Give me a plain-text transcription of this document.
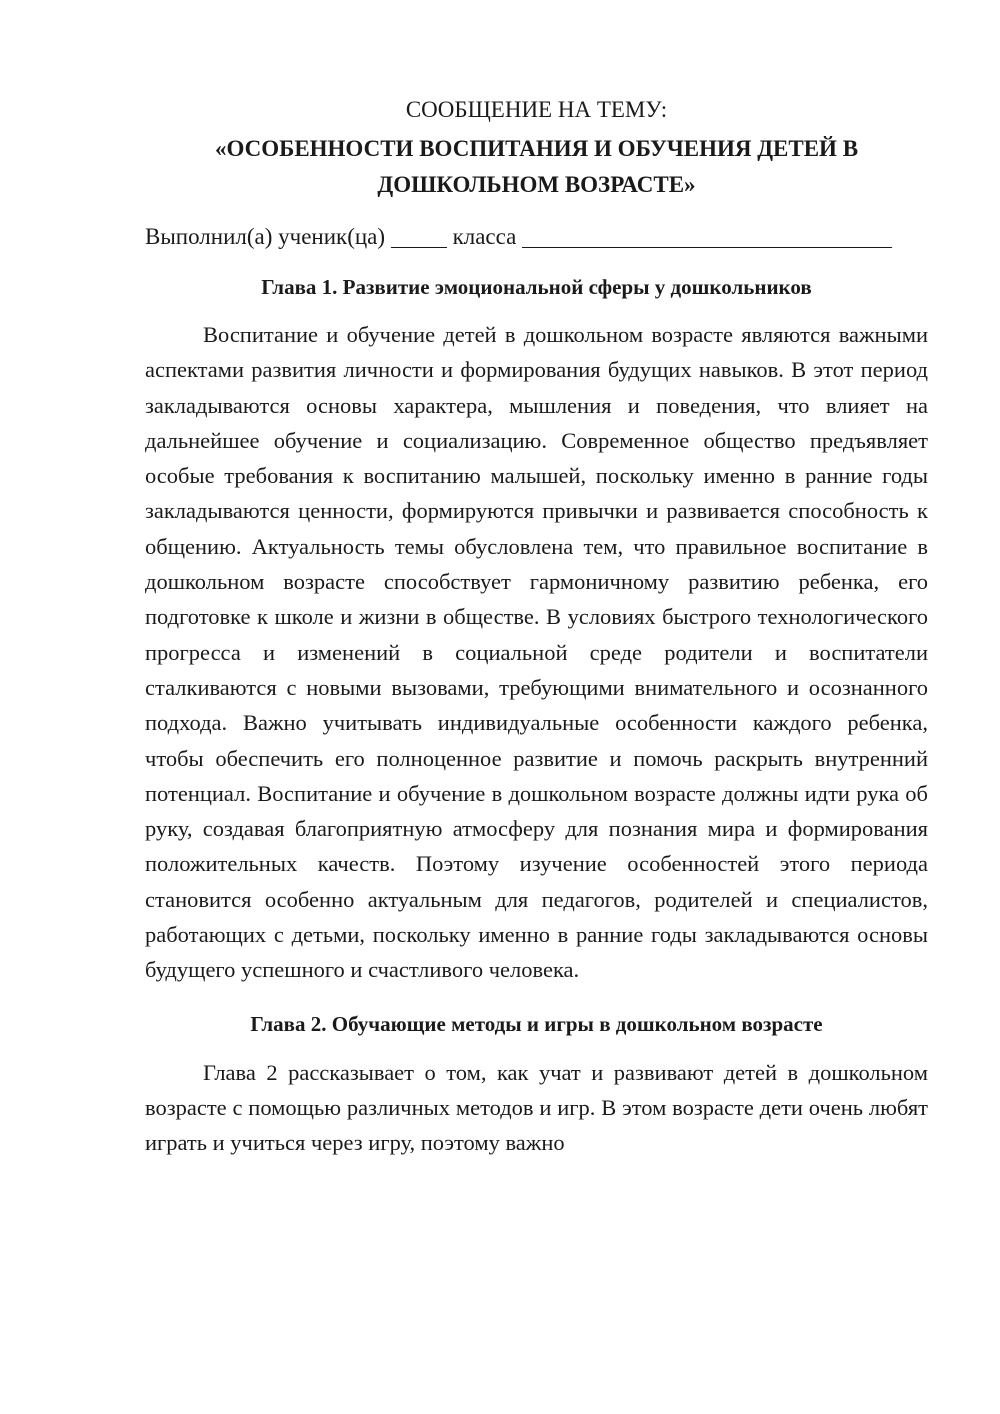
СООБЩЕНИЕ НА ТЕМУ:

«ОСОБЕННОСТИ ВОСПИТАНИЯ И ОБУЧЕНИЯ ДЕТЕЙ В

ДОШКОЛЬНОМ ВОЗРАСТЕ»

Выполнил(а) ученик(ца)	класса

Глава 1. Развитие эмоциональной сферы у дошкольников

Воспитание и обучение детей в дошкольном возрасте являются важными аспектами развития личности и формирования будущих навыков. В этот период закладываются основы характера, мышления и поведения, что влияет на дальнейшее обучение и социализацию. Современное общество предъявляет особые требования к воспитанию малышей, поскольку именно в ранние годы закладываются ценности, формируются привычки и развивается способность к общению. Актуальность темы обусловлена тем, что правильное воспитание в дошкольном возрасте способствует гармоничному развитию ребенка, его подготовке к школе и жизни в обществе. В условиях быстрого технологического прогресса и изменений в социальной среде родители и воспитатели сталкиваются с новыми вызовами, требующими внимательного и осознанного подхода. Важно учитывать индивидуальные особенности каждого ребенка, чтобы обеспечить его полноценное развитие и помочь раскрыть внутренний потенциал. Воспитание и обучение в дошкольном возрасте должны идти рука об руку, создавая благоприятную атмосферу для познания мира и формирования положительных качеств. Поэтому изучение особенностей этого периода становится особенно актуальным для педагогов, родителей и специалистов, работающих с детьми, поскольку именно в ранние годы закладываются основы будущего успешного и счастливого человека.

Глава 2. Обучающие методы и игры в дошкольном возрасте

Глава 2 рассказывает о том, как учат и развивают детей в дошкольном возрасте с помощью различных методов и игр. В этом возрасте дети очень любят играть и учиться через игру, поэтому важно
